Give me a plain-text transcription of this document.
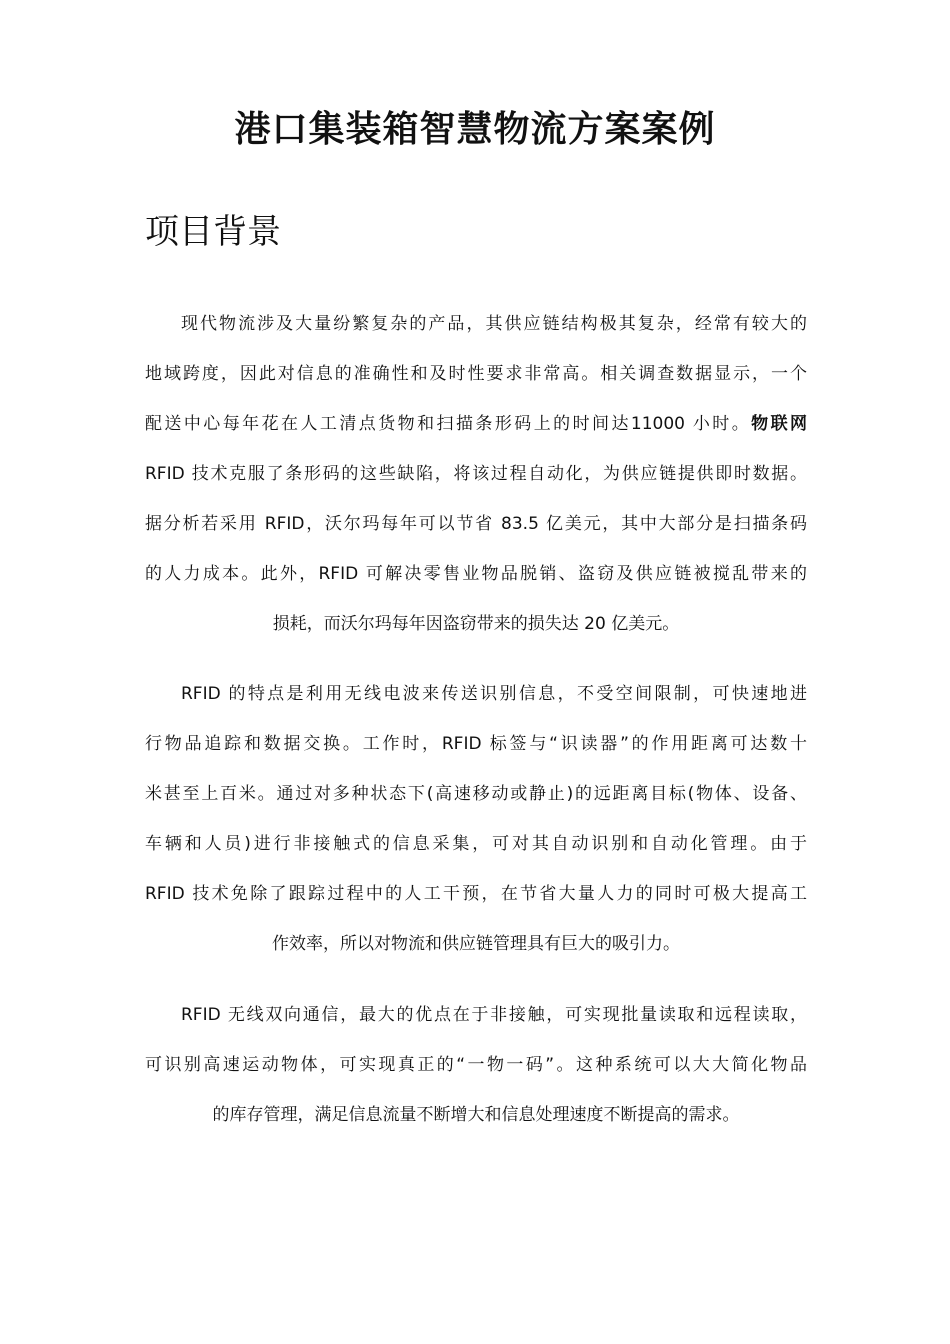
港口集装箱智慧物流方案案例
项目背景
现代物流涉及大量纷繁复杂的产品，其供应链结构极其复杂，经常有较大的
地域跨度，因此对信息的准确性和及时性要求非常高。相关调查数据显示，一个
配送中心每年花在人工清点货物和扫描条形码上的时间达11000 小时。物联网
RFID 技术克服了条形码的这些缺陷，将该过程自动化，为供应链提供即时数据。
据分析若采用 RFID，沃尔玛每年可以节省 83.5 亿美元，其中大部分是扫描条码
的人力成本。此外，RFID 可解决零售业物品脱销、盗窃及供应链被搅乱带来的
损耗，而沃尔玛每年因盗窃带来的损失达 20 亿美元。
RFID 的特点是利用无线电波来传送识别信息，不受空间限制，可快速地进
行物品追踪和数据交换。工作时，RFID 标签与“识读器”的作用距离可达数十
米甚至上百米。通过对多种状态下(高速移动或静止)的远距离目标(物体、设备、
车辆和人员)进行非接触式的信息采集，可对其自动识别和自动化管理。由于
RFID 技术免除了跟踪过程中的人工干预，在节省大量人力的同时可极大提高工
作效率，所以对物流和供应链管理具有巨大的吸引力。
RFID 无线双向通信，最大的优点在于非接触，可实现批量读取和远程读取，
可识别高速运动物体，可实现真正的“一物一码”。这种系统可以大大简化物品
的库存管理，满足信息流量不断增大和信息处理速度不断提高的需求。
